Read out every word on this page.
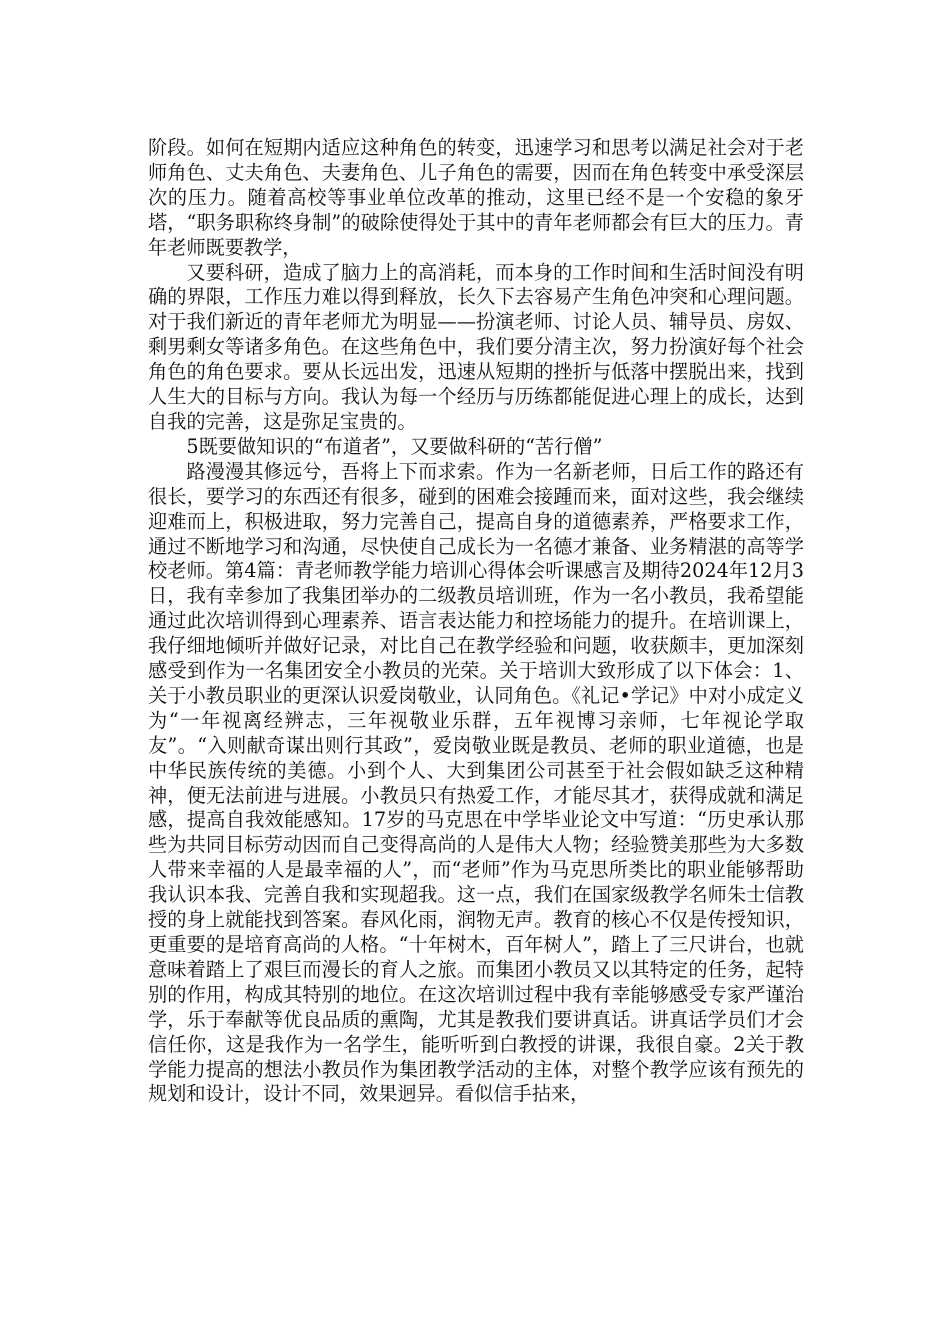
阶段。如何在短期内适应这种角色的转变，迅速学习和思考以满足社会对于老师角色、丈夫角色、夫妻角色、儿子角色的需要，因而在角色转变中承受深层次的压力。随着高校等事业单位改革的推动，这里已经不是一个安稳的象牙塔，“职务职称终身制”的破除使得处于其中的青年老师都会有巨大的压力。青年老师既要教学，

又要科研，造成了脑力上的高消耗，而本身的工作时间和生活时间没有明确的界限，工作压力难以得到释放，长久下去容易产生角色冲突和心理问题。对于我们新近的青年老师尤为明显——扮演老师、讨论人员、辅导员、房奴、剩男剩女等诸多角色。在这些角色中，我们要分清主次，努力扮演好每个社会角色的角色要求。要从长远出发，迅速从短期的挫折与低落中摆脱出来，找到人生大的目标与方向。我认为每一个经历与历练都能促进心理上的成长，达到自我的完善，这是弥足宝贵的。

5既要做知识的“布道者”，又要做科研的“苦行僧”

路漫漫其修远兮，吾将上下而求索。作为一名新老师，日后工作的路还有很长，要学习的东西还有很多，碰到的困难会接踵而来，面对这些，我会继续迎难而上，积极进取，努力完善自己，提高自身的道德素养，严格要求工作，通过不断地学习和沟通，尽快使自己成长为一名德才兼备、业务精湛的高等学校老师。第4篇：青老师教学能力培训心得体会听课感言及期待2024年12月3日，我有幸参加了我集团举办的二级教员培训班，作为一名小教员，我希望能通过此次培训得到心理素养、语言表达能力和控场能力的提升。在培训课上，我仔细地倾听并做好记录，对比自己在教学经验和问题，收获颇丰，更加深刻感受到作为一名集团安全小教员的光荣。关于培训大致形成了以下体会：1、关于小教员职业的更深认识爱岗敬业，认同角色。《礼记•学记》中对小成定义为“一年视离经辨志，三年视敬业乐群，五年视博习亲师，七年视论学取友”。“入则献奇谋出则行其政”，爱岗敬业既是教员、老师的职业道德，也是中华民族传统的美德。小到个人、大到集团公司甚至于社会假如缺乏这种精神，便无法前进与进展。小教员只有热爱工作，才能尽其才，获得成就和满足感，提高自我效能感知。17岁的马克思在中学毕业论文中写道：“历史承认那些为共同目标劳动因而自己变得高尚的人是伟大人物；经验赞美那些为大多数人带来幸福的人是最幸福的人”，而“老师”作为马克思所类比的职业能够帮助我认识本我、完善自我和实现超我。这一点，我们在国家级教学名师朱士信教授的身上就能找到答案。春风化雨，润物无声。教育的核心不仅是传授知识，更重要的是培育高尚的人格。“十年树木，百年树人”，踏上了三尺讲台，也就意味着踏上了艰巨而漫长的育人之旅。而集团小教员又以其特定的任务，起特别的作用，构成其特别的地位。在这次培训过程中我有幸能够感受专家严谨治学，乐于奉献等优良品质的熏陶，尤其是教我们要讲真话。讲真话学员们才会信任你，这是我作为一名学生，能听听到白教授的讲课，我很自豪。2关于教学能力提高的想法小教员作为集团教学活动的主体，对整个教学应该有预先的规划和设计，设计不同，效果迥异。看似信手拈来，
